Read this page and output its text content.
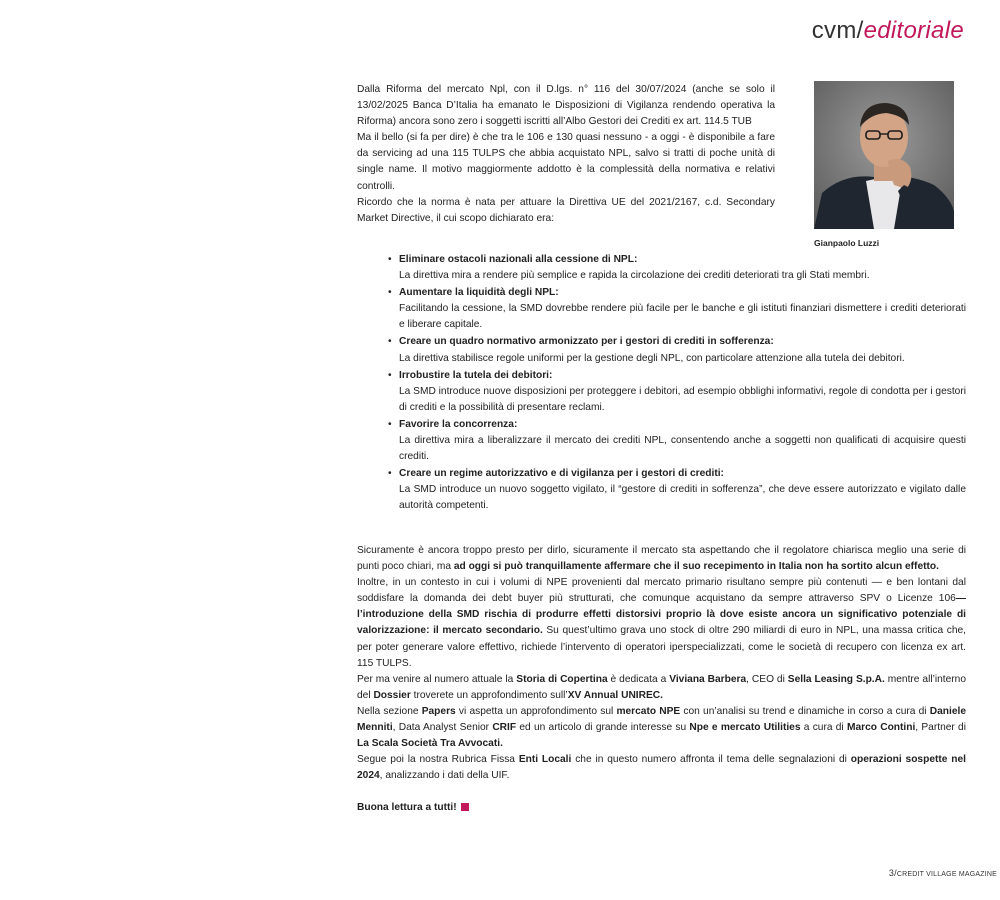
cvm/editoriale

Dalla Riforma del mercato Npl, con il D.lgs. n° 116 del 30/07/2024 (anche se solo il 13/02/2025 Banca D’Italia ha emanato le Disposizioni di Vigilanza rendendo operativa la Riforma) ancora sono zero i soggetti iscritti all’Albo Gestori dei Crediti ex art. 114.5 TUB

Ma il bello (si fa per dire) è che tra le 106 e 130 quasi nessuno - a oggi - è disponibile a fare da servicing ad una 115 TULPS che abbia acquistato NPL, salvo si tratti di poche unità di single name. Il motivo maggiormente addotto è la complessità della normativa e relativi controlli.

Ricordo che la norma è nata per attuare la Direttiva UE del 2021/2167, c.d. Secondary Market Directive, il cui scopo dichiarato era:

Gianpaolo Luzzi
• Eliminare ostacoli nazionali alla cessione di NPL:
La direttiva mira a rendere più semplice e rapida la circolazione dei crediti deteriorati tra gli Stati membri.
• Aumentare la liquidità degli NPL:
Facilitando la cessione, la SMD dovrebbe rendere più facile per le banche e gli istituti finanziari dismettere i crediti deteriorati e liberare capitale.
• Creare un quadro normativo armonizzato per i gestori di crediti in sofferenza:
La direttiva stabilisce regole uniformi per la gestione degli NPL, con particolare attenzione alla tutela dei debitori.
• Irrobustire la tutela dei debitori:
La SMD introduce nuove disposizioni per proteggere i debitori, ad esempio obblighi informativi, regole di condotta per i gestori di crediti e la possibilità di presentare reclami.
• Favorire la concorrenza:
La direttiva mira a liberalizzare il mercato dei crediti NPL, consentendo anche a soggetti non qualificati di acquisire questi crediti.
• Creare un regime autorizzativo e di vigilanza per i gestori di crediti:
La SMD introduce un nuovo soggetto vigilato, il “gestore di crediti in sofferenza”, che deve essere autorizzato e vigilato dalle autorità competenti.

Sicuramente è ancora troppo presto per dirlo, sicuramente il mercato sta aspettando che il regolatore chiarisca meglio una serie di punti poco chiari, ma ad oggi si può tranquillamente affermare che il suo recepimento in Italia non ha sortito alcun effetto.

Inoltre, in un contesto in cui i volumi di NPE provenienti dal mercato primario risultano sempre più contenuti — e ben lontani dal soddisfare la domanda dei debt buyer più strutturati, che comunque acquistano da sempre attraverso SPV o Licenze 106— l’introduzione della SMD rischia di produrre effetti distorsivi proprio là dove esiste ancora un significativo potenziale di valorizzazione: il mercato secondario. Su quest’ultimo grava uno stock di oltre 290 miliardi di euro in NPL, una massa critica che, per poter generare valore effettivo, richiede l’intervento di operatori iperspecializzati, come le società di recupero con licenza ex art. 115 TULPS.

Per ma venire al numero attuale la Storia di Copertina è dedicata a Viviana Barbera, CEO di Sella Leasing S.p.A. mentre all’interno del Dossier troverete un approfondimento sull’XV Annual UNIREC.

Nella sezione Papers vi aspetta un approfondimento sul mercato NPE con un’analisi su trend e dinamiche in corso a cura di Daniele Menniti, Data Analyst Senior CRIF ed un articolo di grande interesse su Npe e mercato Utilities a cura di Marco Contini, Partner di La Scala Società Tra Avvocati.

Segue poi la nostra Rubrica Fissa Enti Locali che in questo numero affronta il tema delle segnalazioni di operazioni sospette nel 2024, analizzando i dati della UIF.

Buona lettura a tutti!

3/CREDIT VILLAGE MAGAZINE
